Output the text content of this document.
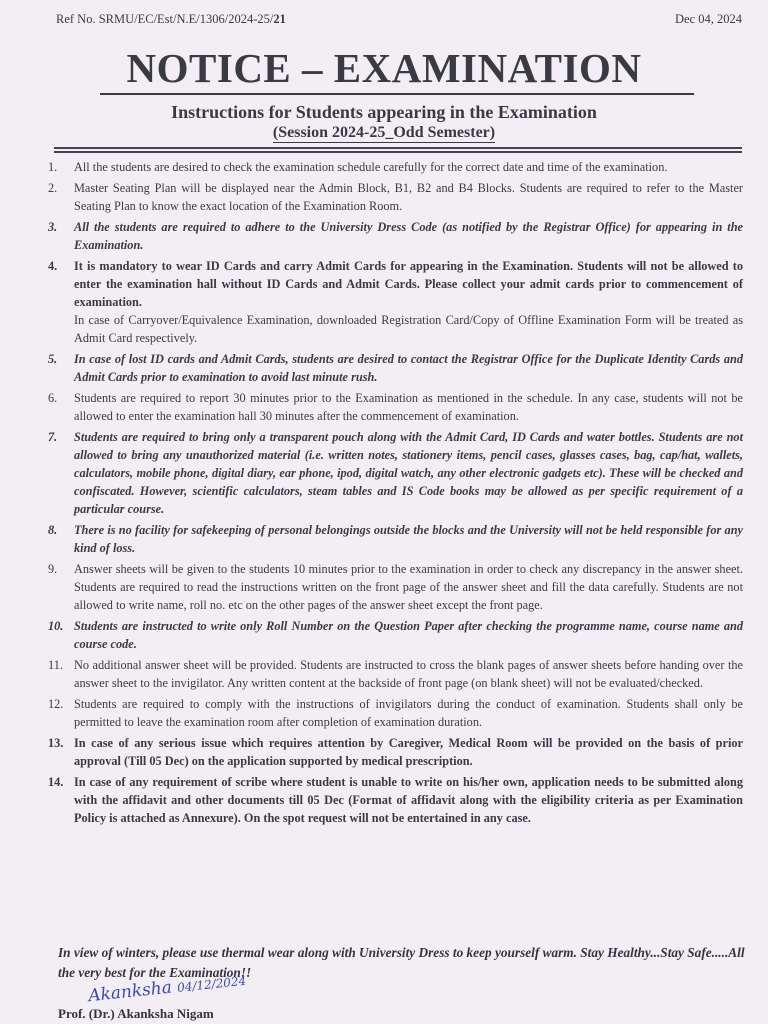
Ref No. SRMU/EC/Est/N.E/1306/2024-25/21	Dec 04, 2024
NOTICE – EXAMINATION
Instructions for Students appearing in the Examination
(Session 2024-25_Odd Semester)
1.	All the students are desired to check the examination schedule carefully for the correct date and time of the examination.
2.	Master Seating Plan will be displayed near the Admin Block, B1, B2 and B4 Blocks. Students are required to refer to the Master Seating Plan to know the exact location of the Examination Room.
3.	All the students are required to adhere to the University Dress Code (as notified by the Registrar Office) for appearing in the Examination.
4.	It is mandatory to wear ID Cards and carry Admit Cards for appearing in the Examination. Students will not be allowed to enter the examination hall without ID Cards and Admit Cards. Please collect your admit cards prior to commencement of examination.
In case of Carryover/Equivalence Examination, downloaded Registration Card/Copy of Offline Examination Form will be treated as Admit Card respectively.
5.	In case of lost ID cards and Admit Cards, students are desired to contact the Registrar Office for the Duplicate Identity Cards and Admit Cards prior to examination to avoid last minute rush.
6.	Students are required to report 30 minutes prior to the Examination as mentioned in the schedule. In any case, students will not be allowed to enter the examination hall 30 minutes after the commencement of examination.
7.	Students are required to bring only a transparent pouch along with the Admit Card, ID Cards and water bottles. Students are not allowed to bring any unauthorized material (i.e. written notes, stationery items, pencil cases, glasses cases, bag, cap/hat, wallets, calculators, mobile phone, digital diary, ear phone, ipod, digital watch, any other electronic gadgets etc). These will be checked and confiscated. However, scientific calculators, steam tables and IS Code books may be allowed as per specific requirement of a particular course.
8.	There is no facility for safekeeping of personal belongings outside the blocks and the University will not be held responsible for any kind of loss.
9.	Answer sheets will be given to the students 10 minutes prior to the examination in order to check any discrepancy in the answer sheet. Students are required to read the instructions written on the front page of the answer sheet and fill the data carefully. Students are not allowed to write name, roll no. etc on the other pages of the answer sheet except the front page.
10. Students are instructed to write only Roll Number on the Question Paper after checking the programme name, course name and course code.
11. No additional answer sheet will be provided. Students are instructed to cross the blank pages of answer sheets before handing over the answer sheet to the invigilator. Any written content at the backside of front page (on blank sheet) will not be evaluated/checked.
12. Students are required to comply with the instructions of invigilators during the conduct of examination. Students shall only be permitted to leave the examination room after completion of examination duration.
13. In case of any serious issue which requires attention by Caregiver, Medical Room will be provided on the basis of prior approval (Till 05 Dec) on the application supported by medical prescription.
14. In case of any requirement of scribe where student is unable to write on his/her own, application needs to be submitted along with the affidavit and other documents till 05 Dec (Format of affidavit along with the eligibility criteria as per Examination Policy is attached as Annexure). On the spot request will not be entertained in any case.
In view of winters, please use thermal wear along with University Dress to keep yourself warm. Stay Healthy...Stay Safe.....All the very best for the Examination!!
Akanksha 04/12/2024
Prof. (Dr.) Akanksha Nigam
